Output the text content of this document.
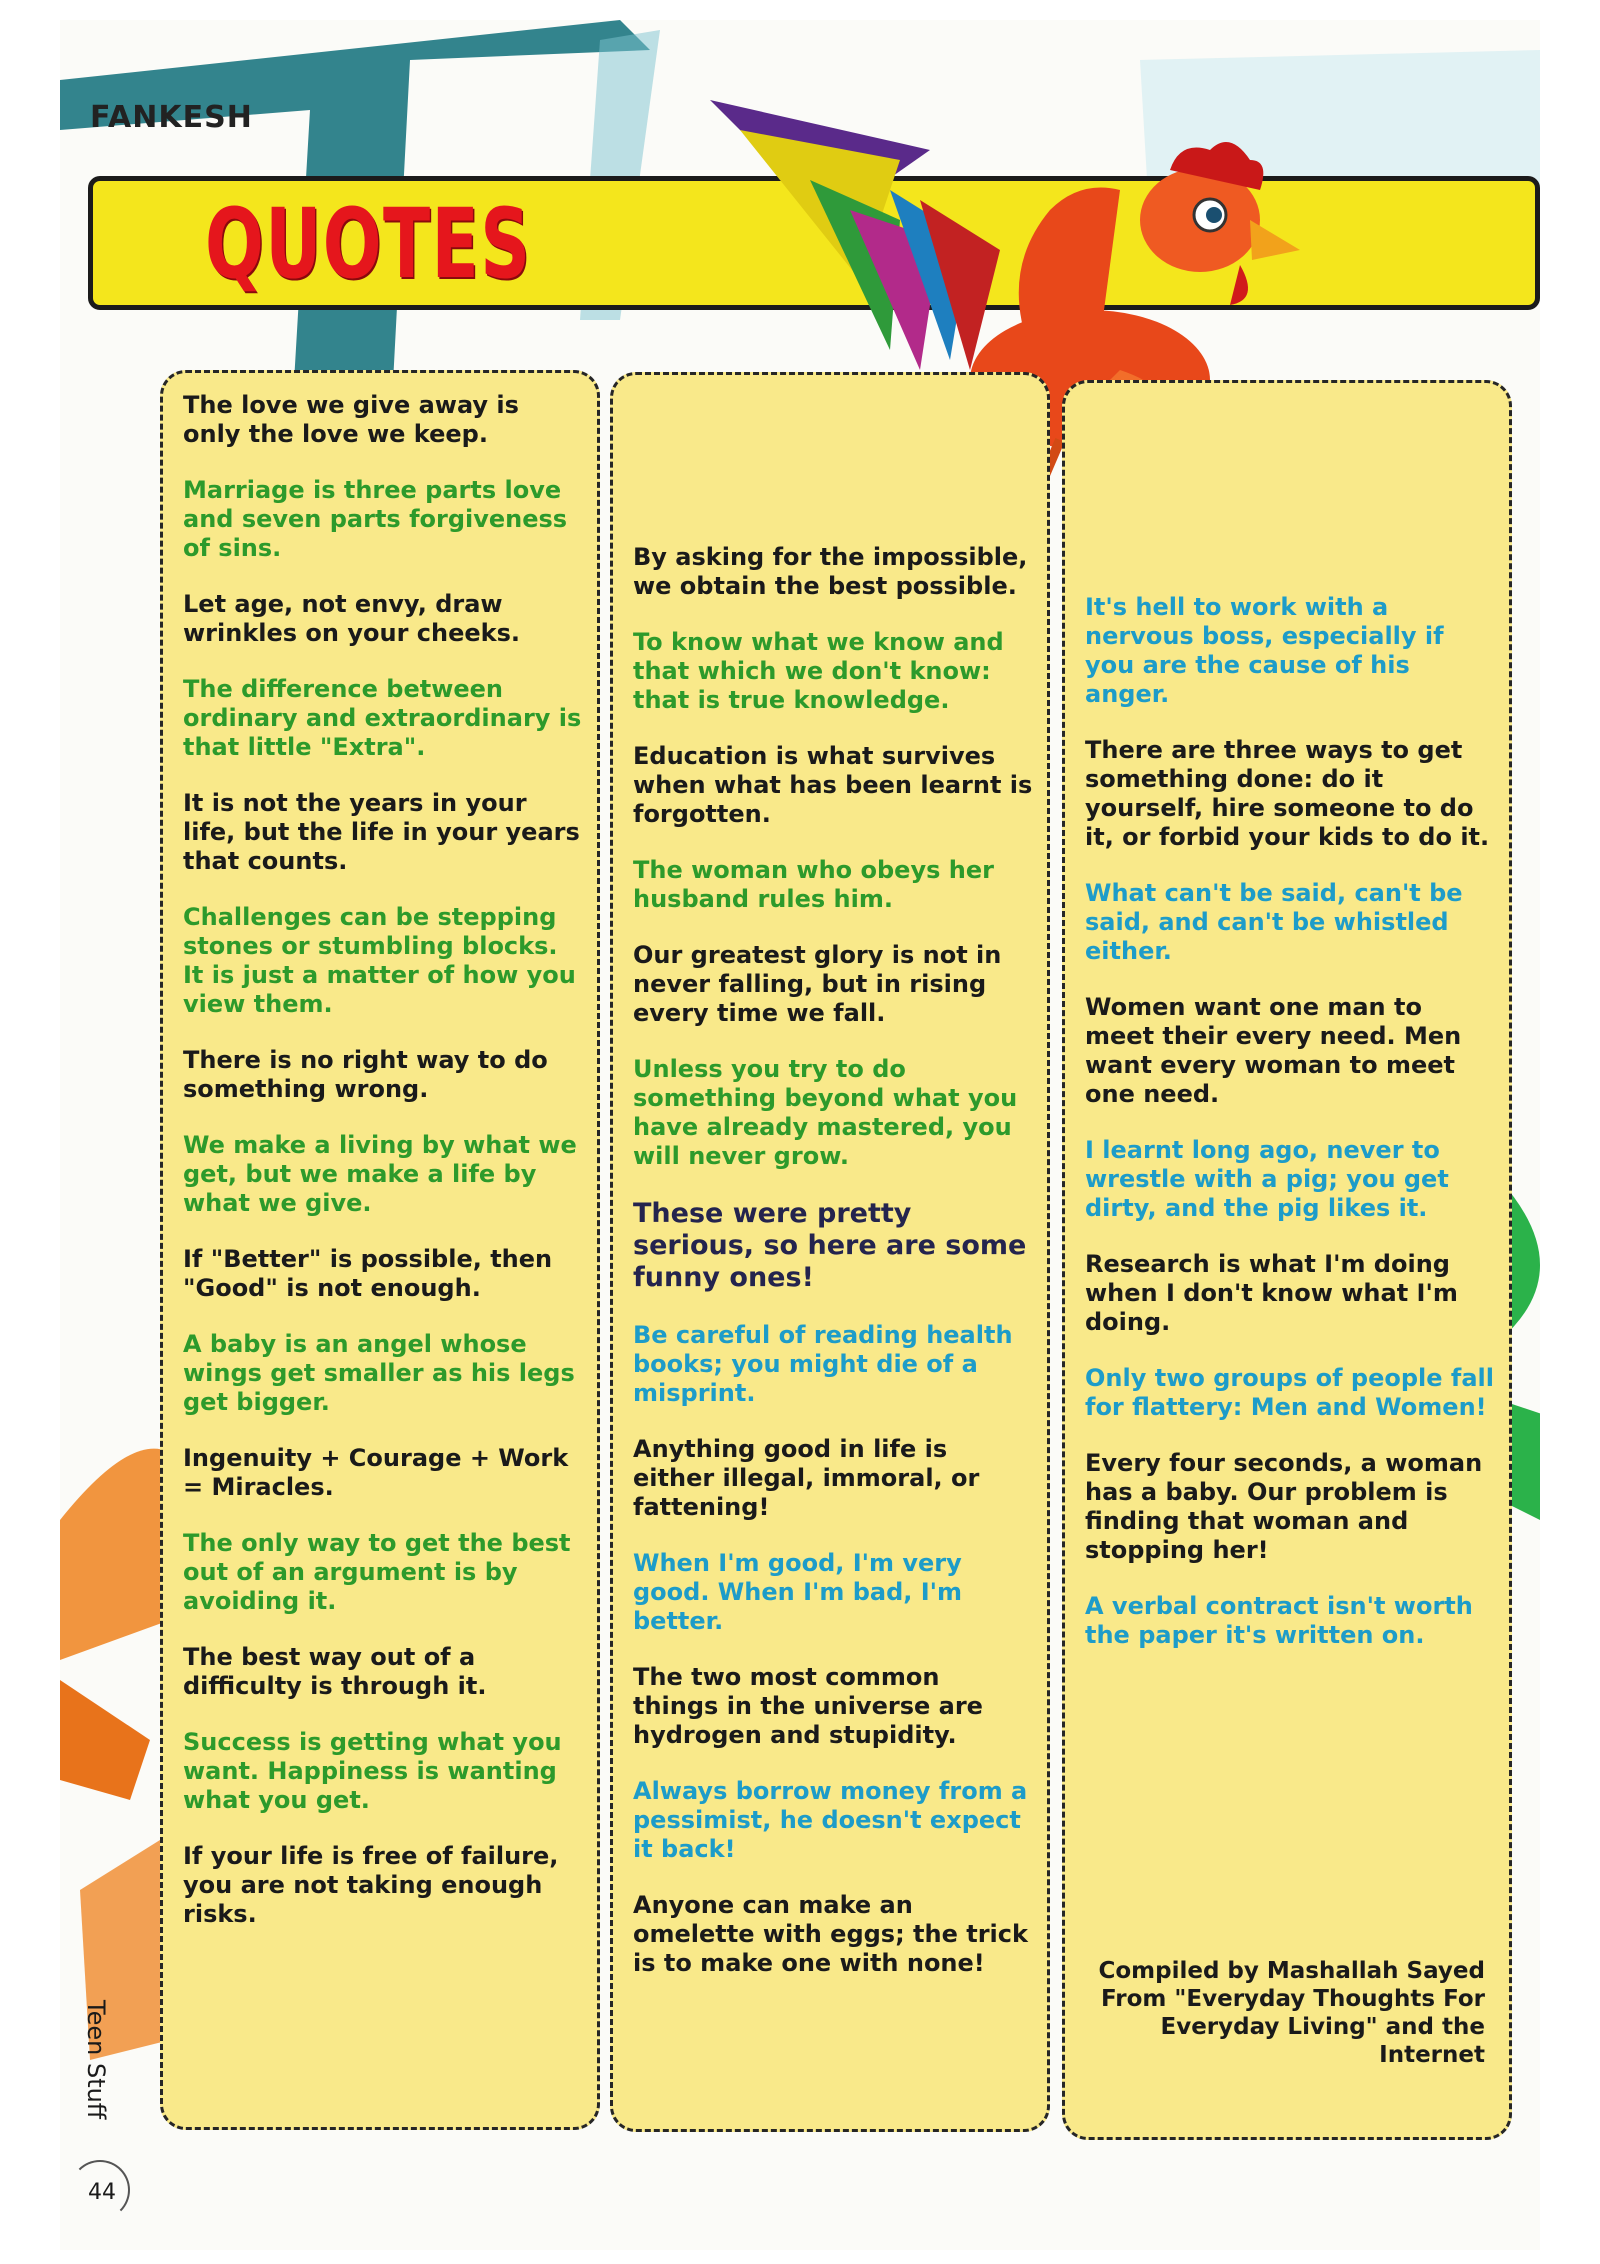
FANKESH
QUOTES

The love we give away is only the love we keep.

Marriage is three parts love and seven parts forgiveness of sins.

Let age, not envy, draw wrinkles on your cheeks.

The difference between ordinary and extraordinary is that little "Extra".

It is not the years in your life, but the life in your years that counts.

Challenges can be stepping stones or stumbling blocks. It is just a matter of how you view them.

There is no right way to do something wrong.

We make a living by what we get, but we make a life by what we give.

If "Better" is possible, then "Good" is not enough.

A baby is an angel whose wings get smaller as his legs get bigger.

Ingenuity + Courage + Work = Miracles.

The only way to get the best out of an argument is by avoiding it.

The best way out of a difficulty is through it.

Success is getting what you want. Happiness is wanting what you get.

If your life is free of failure, you are not taking enough risks.

By asking for the impossible, we obtain the best possible.

To know what we know and that which we don't know: that is true knowledge.

Education is what survives when what has been learnt is forgotten.

The woman who obeys her husband rules him.

Our greatest glory is not in never falling, but in rising every time we fall.

Unless you try to do something beyond what you have already mastered, you will never grow.

These were pretty serious, so here are some funny ones!

Be careful of reading health books; you might die of a misprint.

Anything good in life is either illegal, immoral, or fattening!

When I'm good, I'm very good. When I'm bad, I'm better.

The two most common things in the universe are hydrogen and stupidity.

Always borrow money from a pessimist, he doesn't expect it back!

Anyone can make an omelette with eggs; the trick is to make one with none!

It's hell to work with a nervous boss, especially if you are the cause of his anger.

There are three ways to get something done: do it yourself, hire someone to do it, or forbid your kids to do it.

What can't be said, can't be said, and can't be whistled either.

Women want one man to meet their every need. Men want every woman to meet one need.

I learnt long ago, never to wrestle with a pig; you get dirty, and the pig likes it.

Research is what I'm doing when I don't know what I'm doing.

Only two groups of people fall for flattery: Men and Women!

Every four seconds, a woman has a baby. Our problem is finding that woman and stopping her!

A verbal contract isn't worth the paper it's written on.

Compiled by Mashallah Sayed From "Everyday Thoughts For Everyday Living" and the Internet
Teen Stuff
44
